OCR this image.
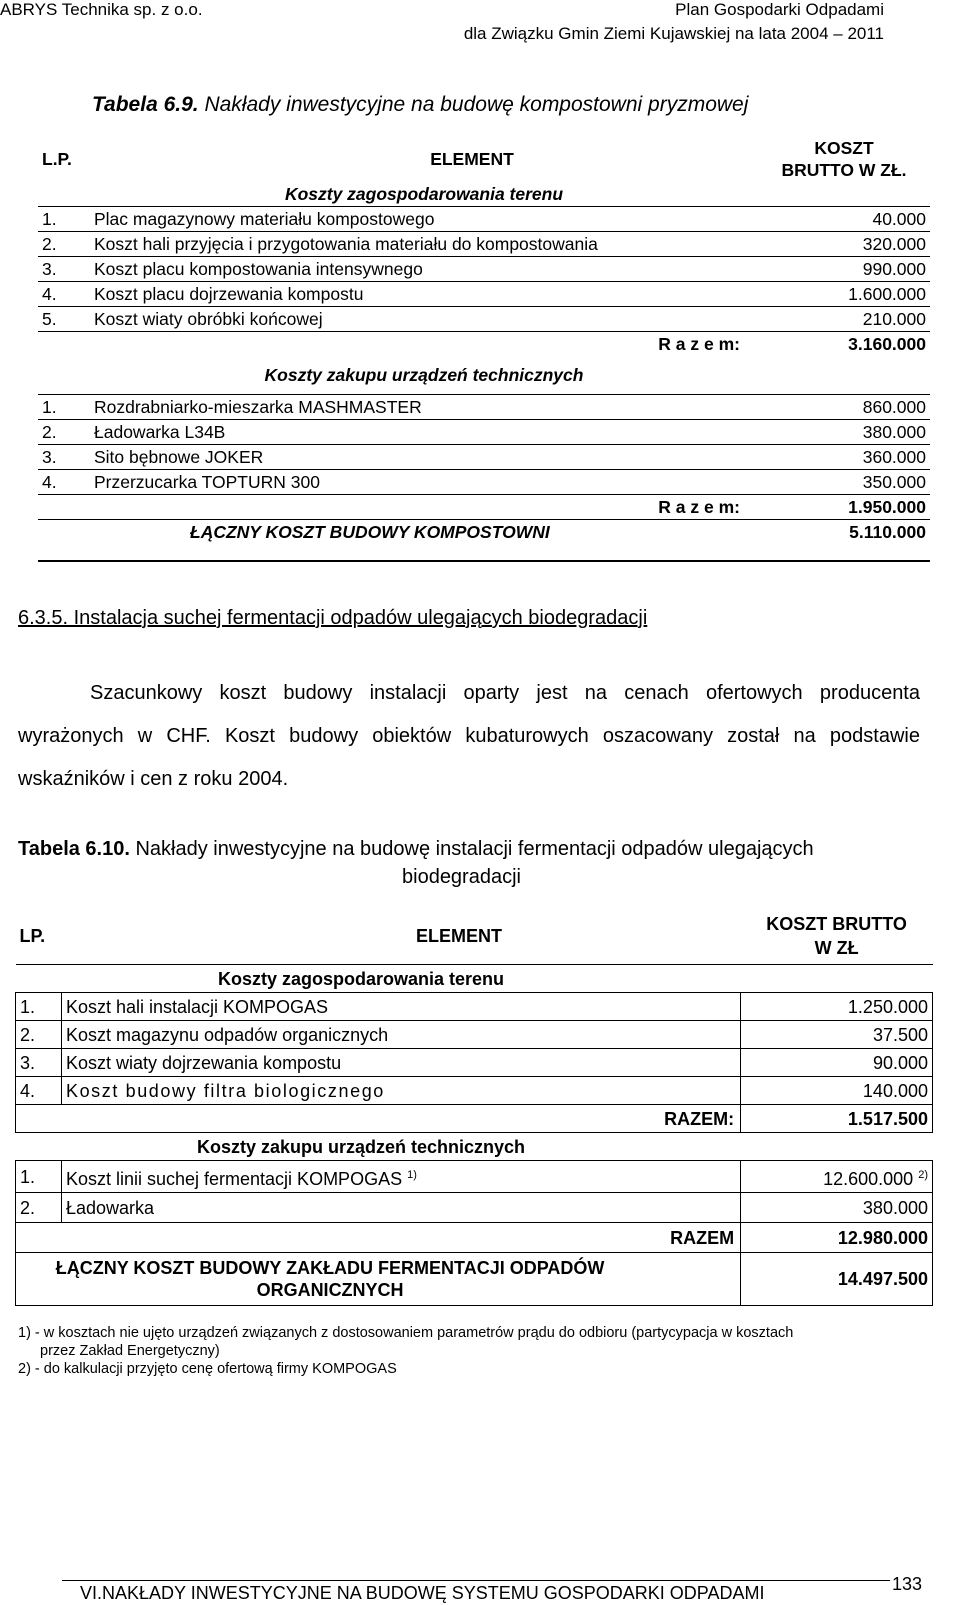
ABRYS Technika sp. z o.o.	Plan Gospodarki Odpadami
dla Związku Gmin Ziemi Kujawskiej na lata 2004 – 2011
Tabela 6.9. Nakłady inwestycyjne na budowę kompostowni pryzmowej
L.P.	ELEMENT	KOSZT
BRUTTO W ZŁ.

	Koszty zagospodarowania terenu	
1.	Plac magazynowy materiału kompostowego	40.000
2.	Koszt hali przyjęcia i przygotowania materiału do kompostowania	320.000
3.	Koszt placu kompostowania intensywnego	990.000
4.	Koszt placu dojrzewania kompostu	1.600.000
5.	Koszt wiaty obróbki końcowej	210.000
	R a z e m:	3.160.000
	Koszty zakupu urządzeń technicznych	
1.	Rozdrabniarko-mieszarka MASHMASTER	860.000
2.	Ładowarka L34B	380.000
3.	Sito bębnowe JOKER	360.000
4.	Przerzucarka TOPTURN 300	350.000
	R a z e m:	1.950.000
	ŁĄCZNY KOSZT BUDOWY KOMPOSTOWNI	5.110.000
6.3.5. Instalacja suchej fermentacji odpadów ulegających biodegradacji
Szacunkowy koszt budowy instalacji oparty jest na cenach ofertowych producenta wyrażonych w CHF. Koszt budowy obiektów kubaturowych oszacowany został na podstawie wskaźników i cen z roku 2004.
Tabela 6.10. Nakłady inwestycyjne na budowę instalacji fermentacji odpadów ulegających
biodegradacji
LP.	ELEMENT	KOSZT BRUTTO
W ZŁ

Koszty zagospodarowania terenu		
1.	Koszt hali instalacji KOMPOGAS	1.250.000
2.	Koszt magazynu odpadów organicznych	37.500
3.	Koszt wiaty dojrzewania kompostu	90.000
4.	Koszt budowy filtra biologicznego	140.000
RAZEM:		1.517.500
Koszty zakupu urządzeń technicznych		
1.	Koszt linii suchej fermentacji KOMPOGAS $^{1)}$	12.600.000 $^{2)}$
2.	Ładowarka	380.000
RAZEM		12.980.000

ŁĄCZNY KOSZT BUDOWY ZAKŁADU FERMENTACJI ODPADÓW
ORGANICZNYCH		14.497.500
1) - w kosztach nie ujęto urządzeń związanych z dostosowaniem parametrów prądu do odbioru (partycypacja w kosztach
przez Zakład Energetyczny)
2) - do kalkulacji przyjęto cenę ofertową firmy KOMPOGAS
VI.NAKŁADY INWESTYCYJNE NA BUDOWĘ SYSTEMU GOSPODARKI ODPADAMI	133
